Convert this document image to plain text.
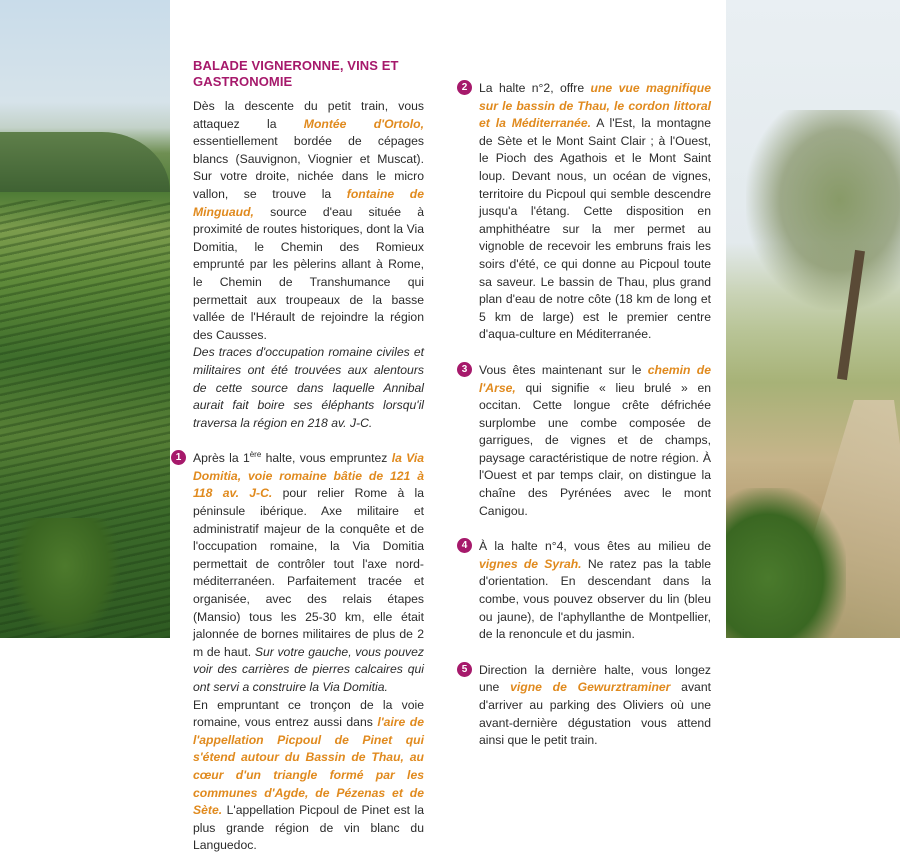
BALADE VIGNERONNE, VINS ET GASTRONOMIE

Dès la descente du petit train, vous attaquez la Montée d'Ortolo, essentiellement bordée de cépages blancs (Sauvignon, Viognier et Muscat). Sur votre droite, nichée dans le micro vallon, se trouve la fontaine de Minguaud, source d'eau située à proximité de routes historiques, dont la Via Domitia, le Chemin des Romieux emprunté par les pèlerins allant à Rome, le Chemin de Transhumance qui permettait aux troupeaux de la basse vallée de l'Hérault de rejoindre la région des Causses.

Des traces d'occupation romaine civiles et militaires ont été trouvées aux alentours de cette source dans laquelle Annibal aurait fait boire ses éléphants lorsqu'il traversa la région en 218 av. J-C.

1 Après la 1ère halte, vous empruntez la Via Domitia, voie romaine bâtie de 121 à 118 av. J-C. pour relier Rome à la péninsule ibérique. Axe militaire et administratif majeur de la conquête et de l'occupation romaine, la Via Domitia permettait de contrôler tout l'axe nord-méditerranéen. Parfaitement tracée et organisée, avec des relais étapes (Mansio) tous les 25-30 km, elle était jalonnée de bornes militaires de plus de 2 m de haut. Sur votre gauche, vous pouvez voir des carrières de pierres calcaires qui ont servi a construire la Via Domitia.

En empruntant ce tronçon de la voie romaine, vous entrez aussi dans l'aire de l'appellation Picpoul de Pinet qui s'étend autour du Bassin de Thau, au cœur d'un triangle formé par les communes d'Agde, de Pézenas et de Sète. L'appellation Picpoul de Pinet est la plus grande région de vin blanc du Languedoc.

2 La halte n°2, offre une vue magnifique sur le bassin de Thau, le cordon littoral et la Méditerranée. A l'Est, la montagne de Sète et le Mont Saint Clair ; à l'Ouest, le Pioch des Agathois et le Mont Saint loup. Devant nous, un océan de vignes, territoire du Picpoul qui semble descendre jusqu'a l'étang. Cette disposition en amphithéatre sur la mer permet au vignoble de recevoir les embruns frais les soirs d'été, ce qui donne au Picpoul toute sa saveur. Le bassin de Thau, plus grand plan d'eau de notre côte (18 km de long et 5 km de large) est le premier centre d'aqua-culture en Méditerranée.

3 Vous êtes maintenant sur le chemin de l'Arse, qui signifie « lieu brulé » en occitan. Cette longue crête défrichée surplombe une combe composée de garrigues, de vignes et de champs, paysage caractéristique de notre région. À l'Ouest et par temps clair, on distingue la chaîne des Pyrénées avec le mont Canigou.

4 À la halte n°4, vous êtes au milieu de vignes de Syrah. Ne ratez pas la table d'orientation. En descendant dans la combe, vous pouvez observer du lin (bleu ou jaune), de l'aphyllanthe de Montpellier, de la renoncule et du jasmin.

5 Direction la dernière halte, vous longez une vigne de Gewurztraminer avant d'arriver au parking des Oliviers où une avant-dernière dégustation vous attend ainsi que le petit train.
